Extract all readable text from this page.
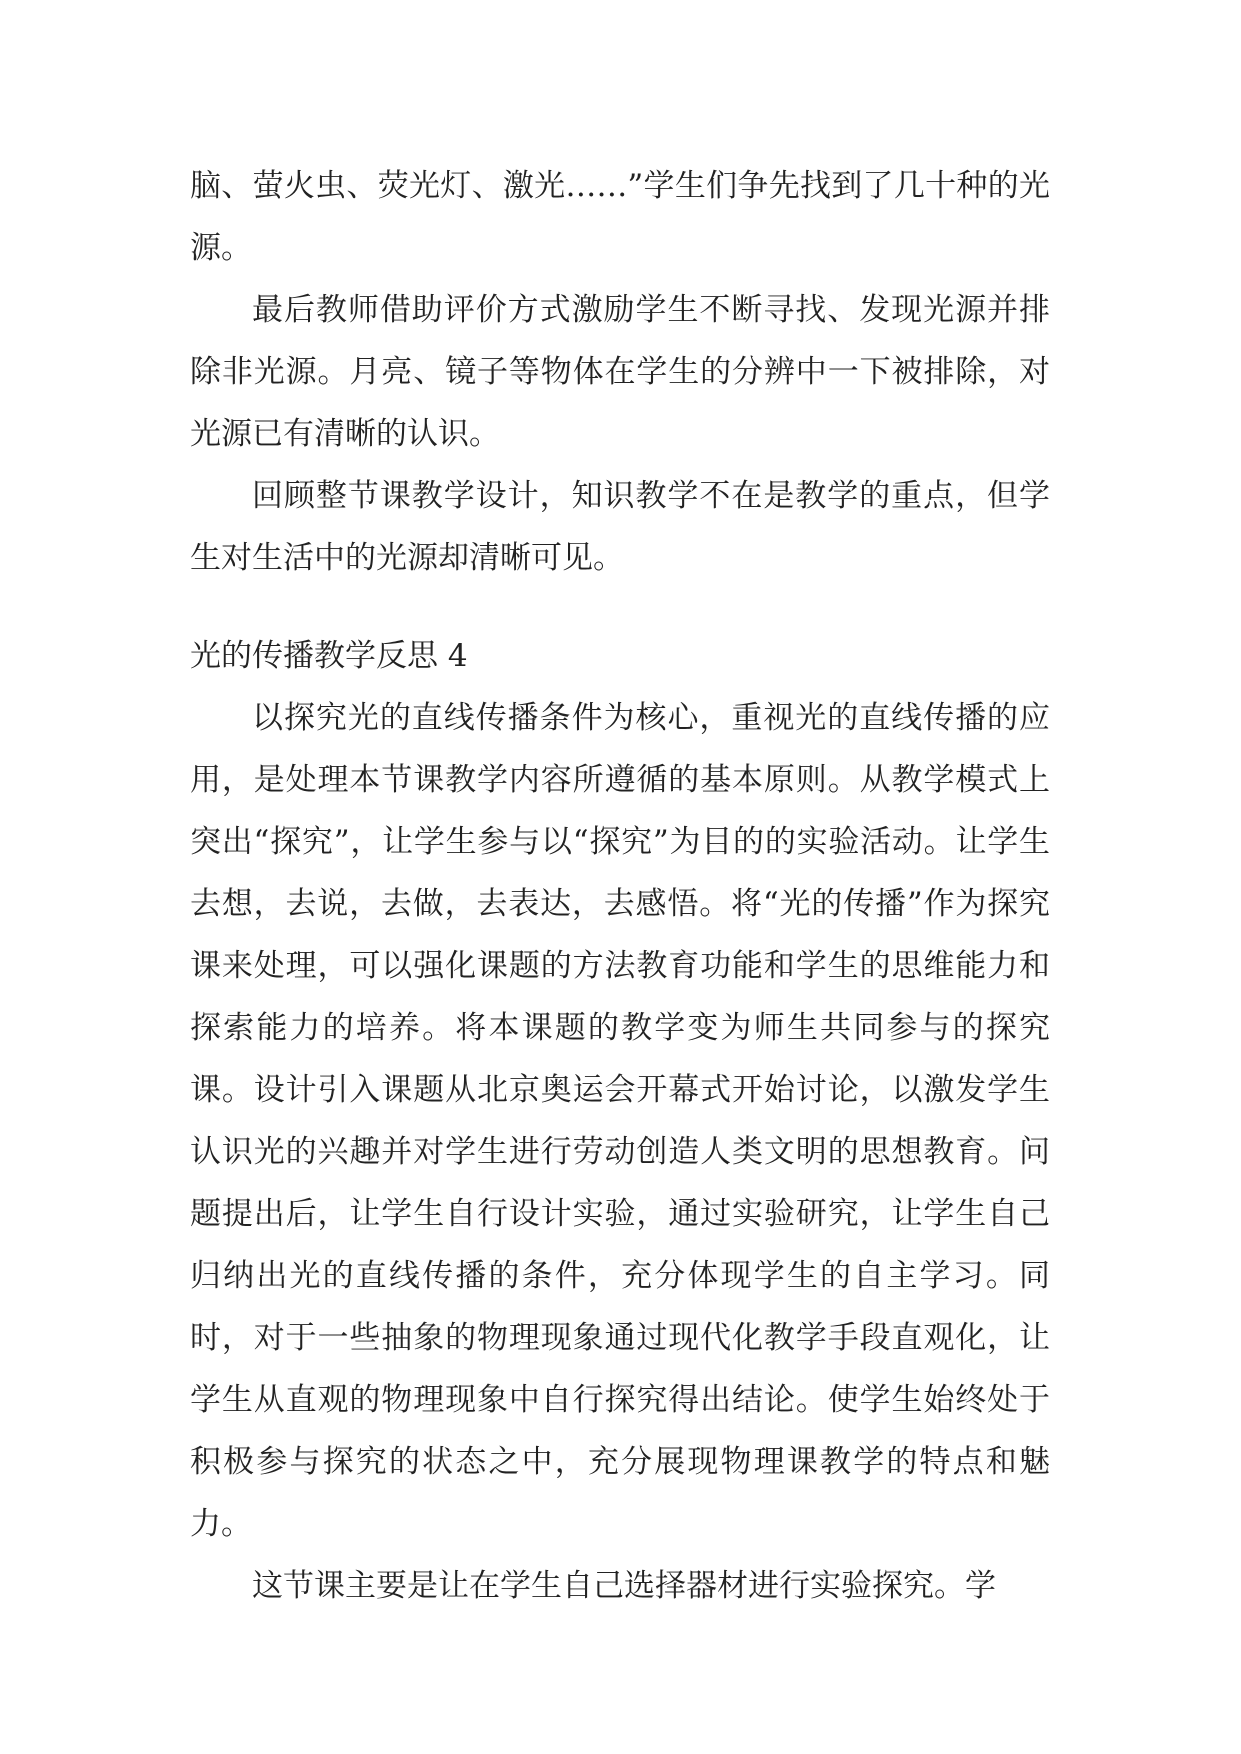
脑、萤火虫、荧光灯、激光……”学生们争先找到了几十种的光源。

最后教师借助评价方式激励学生不断寻找、发现光源并排除非光源。月亮、镜子等物体在学生的分辨中一下被排除，对光源已有清晰的认识。

回顾整节课教学设计，知识教学不在是教学的重点，但学生对生活中的光源却清晰可见。

光的传播教学反思 4

以探究光的直线传播条件为核心，重视光的直线传播的应用，是处理本节课教学内容所遵循的基本原则。从教学模式上突出“探究”，让学生参与以“探究”为目的的实验活动。让学生去想，去说，去做，去表达，去感悟。将“光的传播”作为探究课来处理，可以强化课题的方法教育功能和学生的思维能力和探索能力的培养。将本课题的教学变为师生共同参与的探究课。设计引入课题从北京奥运会开幕式开始讨论，以激发学生认识光的兴趣并对学生进行劳动创造人类文明的思想教育。问题提出后，让学生自行设计实验，通过实验研究，让学生自己归纳出光的直线传播的条件，充分体现学生的自主学习。同时，对于一些抽象的物理现象通过现代化教学手段直观化，让学生从直观的物理现象中自行探究得出结论。使学生始终处于积极参与探究的状态之中，充分展现物理课教学的特点和魅力。

这节课主要是让在学生自己选择器材进行实验探究。学
